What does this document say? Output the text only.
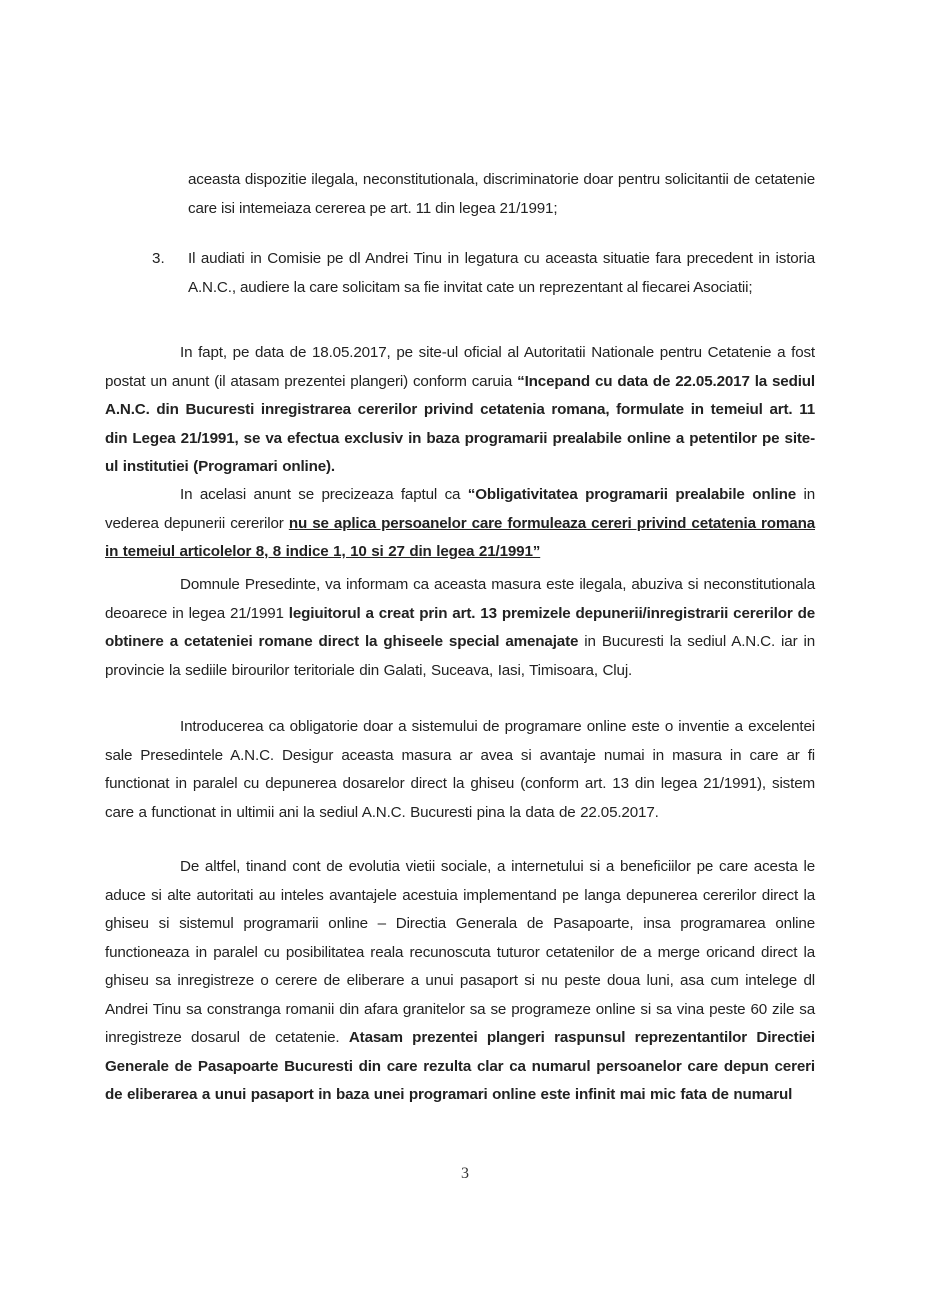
aceasta dispozitie ilegala, neconstitutionala, discriminatorie doar pentru solicitantii de cetatenie care isi intemeiaza cererea pe art. 11 din legea 21/1991;
3. Il audiati in Comisie pe dl Andrei Tinu in legatura cu aceasta situatie fara precedent in istoria A.N.C., audiere la care solicitam sa fie invitat cate un reprezentant al fiecarei Asociatii;
In fapt, pe data de 18.05.2017, pe site-ul oficial al Autoritatii Nationale pentru Cetatenie a fost postat un anunt (il atasam prezentei plangeri) conform caruia “Incepand cu data de 22.05.2017 la sediul A.N.C. din Bucuresti inregistrarea cererilor privind cetatenia romana, formulate in temeiul art. 11 din Legea 21/1991, se va efectua exclusiv in baza programarii prealabile online a petentilor pe site-ul institutiei (Programari online).
In acelasi anunt se precizeaza faptul ca “Obligativitatea programarii prealabile online in vederea depunerii cererilor nu se aplica persoanelor care formuleaza cereri privind cetatenia romana in temeiul articolelor 8, 8 indice 1, 10 si 27 din legea 21/1991”
Domnule Presedinte, va informam ca aceasta masura este ilegala, abuziva si neconstitutionala deoarece in legea 21/1991 legiuitorul a creat prin art. 13 premizele depunerii/inregistrarii cererilor de obtinere a cetateniei romane direct la ghiseele special amenajate in Bucuresti la sediul A.N.C. iar in provincie la sediile birourilor teritoriale din Galati, Suceava, Iasi, Timisoara, Cluj.
Introducerea ca obligatorie doar a sistemului de programare online este o inventie a excelentei sale Presedintele A.N.C. Desigur aceasta masura ar avea si avantaje numai in masura in care ar fi functionat in paralel cu depunerea dosarelor direct la ghiseu (conform art. 13 din legea 21/1991), sistem care a functionat in ultimii ani la sediul A.N.C. Bucuresti pina la data de 22.05.2017.
De altfel, tinand cont de evolutia vietii sociale, a internetului si a beneficiilor pe care acesta le aduce si alte autoritati au inteles avantajele acestuia implementand pe langa depunerea cererilor direct la ghiseu si sistemul programarii online – Directia Generala de Pasapoarte, insa programarea online functioneaza in paralel cu posibilitatea reala recunoscuta tuturor cetatenilor de a merge oricand direct la ghiseu sa inregistreze o cerere de eliberare a unui pasaport si nu peste doua luni, asa cum intelege dl Andrei Tinu sa constranga romanii din afara granitelor sa se programeze online si sa vina peste 60 zile sa inregistreze dosarul de cetatenie. Atasam prezentei plangeri raspunsul reprezentantilor Directiei Generale de Pasapoarte Bucuresti din care rezulta clar ca numarul persoanelor care depun cereri de eliberarea a unui pasaport in baza unei programari online este infinit mai mic fata de numarul
3
